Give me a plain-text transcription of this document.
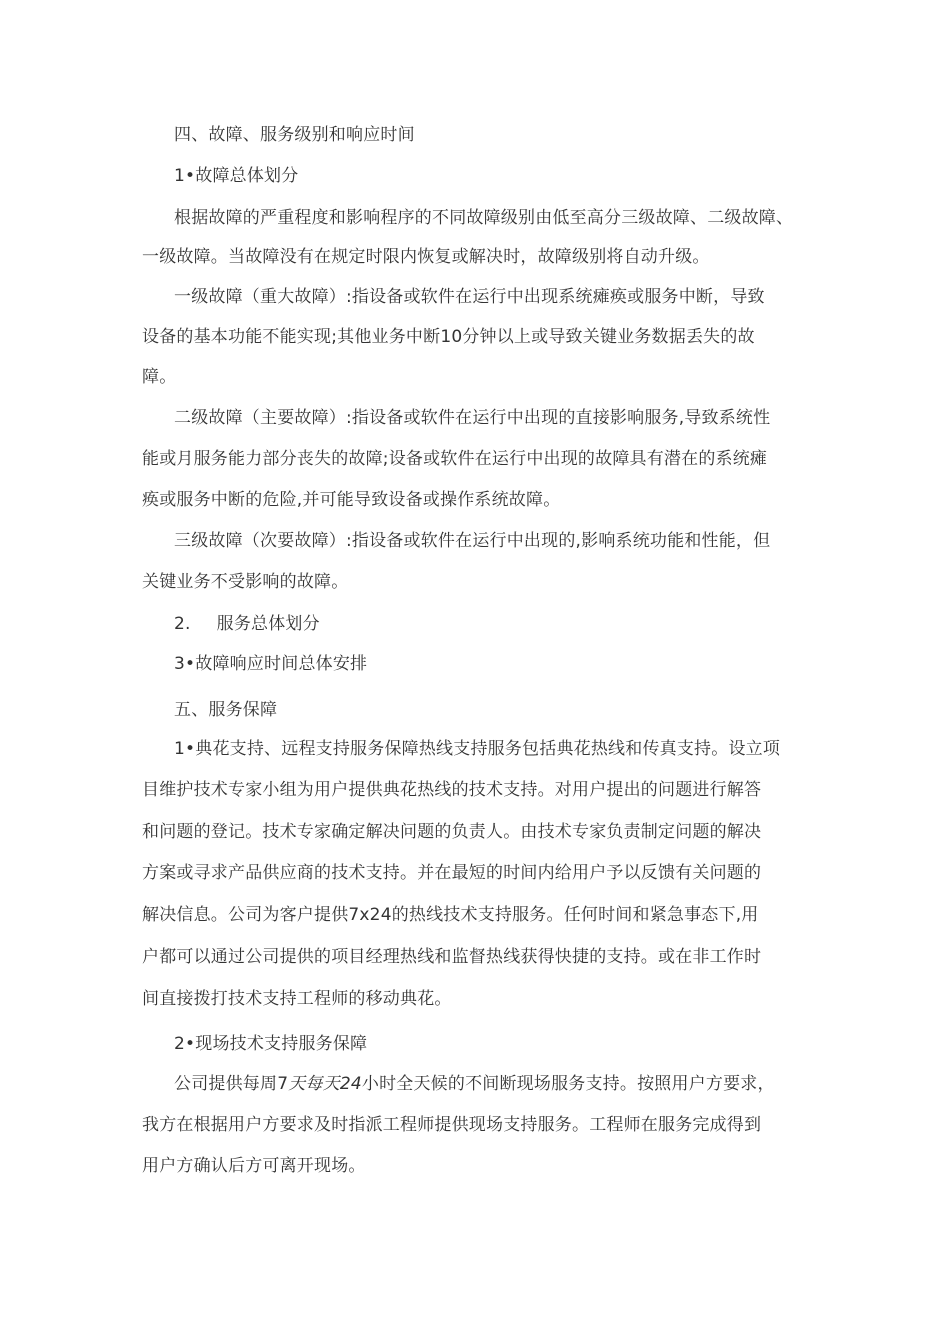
四、故障、服务级别和响应时间
1•故障总体划分
根据故障的严重程度和影响程序的不同故障级别由低至高分三级故障、二级故障、
一级故障。当故障没有在规定时限内恢复或解决时，故障级别将自动升级。
一级故障（重大故障）:指设备或软件在运行中出现系统瘫痪或服务中断，导致
设备的基本功能不能实现;其他业务中断10分钟以上或导致关键业务数据丢失的故
障。
二级故障（主要故障）:指设备或软件在运行中出现的直接影响服务,导致系统性
能或月服务能力部分丧失的故障;设备或软件在运行中出现的故障具有潜在的系统瘫
痪或服务中断的危险,并可能导致设备或操作系统故障。
三级故障（次要故障）:指设备或软件在运行中出现的,影响系统功能和性能，但
关键业务不受影响的故障。
2. 服务总体划分
3•故障响应时间总体安排
五、服务保障
1•典花支持、远程支持服务保障热线支持服务包括典花热线和传真支持。设立项
目维护技术专家小组为用户提供典花热线的技术支持。对用户提出的问题进行解答
和问题的登记。技术专家确定解决问题的负责人。由技术专家负责制定问题的解决
方案或寻求产品供应商的技术支持。并在最短的时间内给用户予以反馈有关问题的
解决信息。公司为客户提供7x24的热线技术支持服务。任何时间和紧急事态下,用
户都可以通过公司提供的项目经理热线和监督热线获得快捷的支持。或在非工作时
间直接拨打技术支持工程师的移动典花。
2•现场技术支持服务保障
公司提供每周7天每天24小时全天候的不间断现场服务支持。按照用户方要求，
我方在根据用户方要求及时指派工程师提供现场支持服务。工程师在服务完成得到
用户方确认后方可离开现场。
